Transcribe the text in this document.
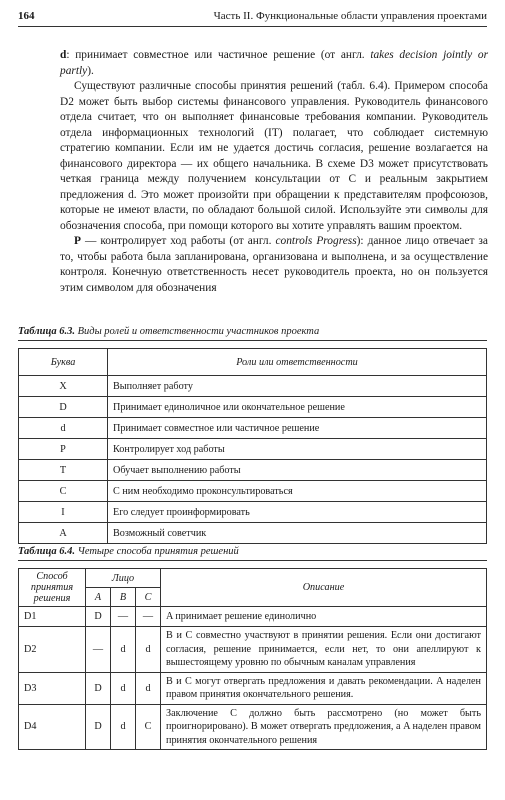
164	Часть II. Функциональные области управления проектами

d: принимает совместное или частичное решение (от англ. takes decision jointly or partly).

Существуют различные способы принятия решений (табл. 6.4). Примером способа D2 может быть выбор системы финансового управления. Руководитель финансового отдела считает, что он выполняет финансовые требования компании. Руководитель отдела информационных технологий (IT) полагает, что соблюдает системную стратегию компании. Если им не удается достичь согласия, решение возлагается на финансового директора — их общего начальника. В схеме D3 может присутствовать четкая граница между получением консультации от C и реальным закрытием предложения d. Это может произойти при обращении к представителям профсоюзов, которые не имеют власти, по обладают большой силой. Используйте эти символы для обозначения способа, при помощи которого вы хотите управлять вашим проектом.

P — контролирует ход работы (от англ. controls Progress): данное лицо отвечает за то, чтобы работа была запланирована, организована и выполнена, и за осуществление контроля. Конечную ответственность несет руководитель проекта, но он пользуется этим символом для обозначения

Таблица 6.3. Виды ролей и ответственности участников проекта
Буква	Роли или ответственности
X	Выполняет работу
D	Принимает единоличное или окончательное решение
d	Принимает совместное или частичное решение
P	Контролирует ход работы
T	Обучает выполнению работы
C	С ним необходимо проконсультироваться
I	Его следует проинформировать
A	Возможный советчик
Таблица 6.4. Четыре способа принятия решений
Способ принятия решения	Лицо			Описание
	A	B	C	
D1	D	—	—	A принимает решение единолично
D2	—	d	d	B и C совместно участвуют в принятии решения. Если они достигают согласия, решение принимается, если нет, то они апеллируют к вышестоящему уровню по обычным каналам управления
D3	D	d	d	B и C могут отвергать предложения и давать рекомендации. A наделен правом принятия окончательного решения.
D4	D	d	C	Заключение C должно быть рассмотрено (но может быть проигнорировано). B может отвергать предложения, а A наделен правом принятия окончательного решения
